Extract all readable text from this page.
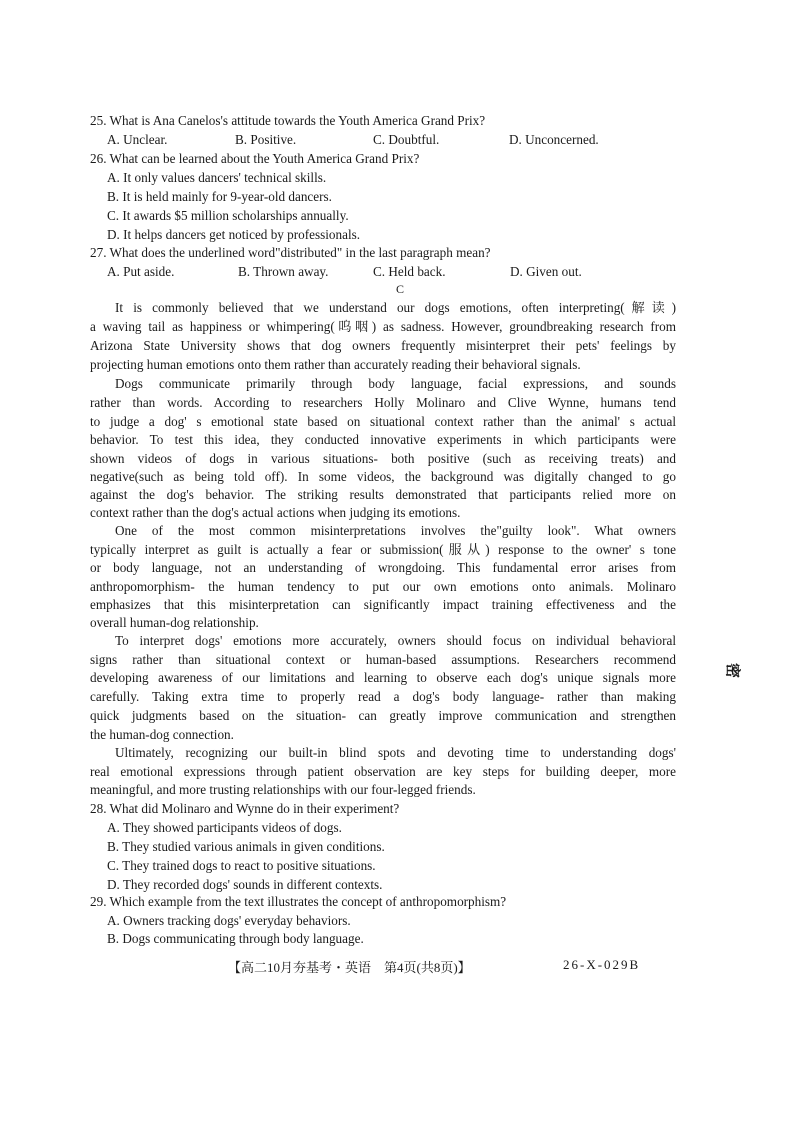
25. What is Ana Canelos's attitude towards the Youth America Grand Prix?
A. Unclear.	B. Positive.	C. Doubtful.	D. Unconcerned.
26. What can be learned about the Youth America Grand Prix?
A. It only values dancers' technical skills.
B. It is held mainly for 9-year-old dancers.
C. It awards $5 million scholarships annually.
D. It helps dancers get noticed by professionals.
27. What does the underlined word"distributed" in the last paragraph mean?
A. Put aside.	B. Thrown away.	C. Held back.	D. Given out.
C
It is commonly believed that we understand our dogs emotions, often interpreting(解读)
a waving tail as happiness or whimpering(呜咽) as sadness. However, groundbreaking research from
Arizona State University shows that dog owners frequently misinterpret their pets' feelings by
projecting human emotions onto them rather than accurately reading their behavioral signals.
Dogs communicate primarily through body language, facial expressions, and sounds
rather than words. According to researchers Holly Molinaro and Clive Wynne, humans tend
to judge a dog' s emotional state based on situational context rather than the animal' s actual
behavior. To test this idea, they conducted innovative experiments in which participants were
shown videos of dogs in various situations- both positive (such as receiving treats) and
negative(such as being told off). In some videos, the background was digitally changed to go
against the dog's behavior. The striking results demonstrated that participants relied more on
context rather than the dog's actual actions when judging its emotions.
One of the most common misinterpretations involves the"guilty look". What owners
typically interpret as guilt is actually a fear or submission(服从) response to the owner' s tone
or body language, not an understanding of wrongdoing. This fundamental error arises from
anthropomorphism- the human tendency to put our own emotions onto animals. Molinaro
emphasizes that this misinterpretation can significantly impact training effectiveness and the
overall human-dog relationship.
To interpret dogs' emotions more accurately, owners should focus on individual behavioral
signs rather than situational context or human-based assumptions. Researchers recommend
developing awareness of our limitations and learning to observe each dog's unique signals more
carefully. Taking extra time to properly read a dog's body language- rather than making
quick judgments based on the situation- can greatly improve communication and strengthen
the human-dog connection.
Ultimately, recognizing our built-in blind spots and devoting time to understanding dogs'
real emotional expressions through patient observation are key steps for building deeper, more
meaningful, and more trusting relationships with our four-legged friends.
28. What did Molinaro and Wynne do in their experiment?
A. They showed participants videos of dogs.
B. They studied various animals in given conditions.
C. They trained dogs to react to positive situations.
D. They recorded dogs' sounds in different contexts.
29. Which example from the text illustrates the concept of anthropomorphism?
A. Owners tracking dogs' everyday behaviors.
B. Dogs communicating through body language.
【高二10月夯基考・英语　第4页(共8页)】	26-X-029B
密
